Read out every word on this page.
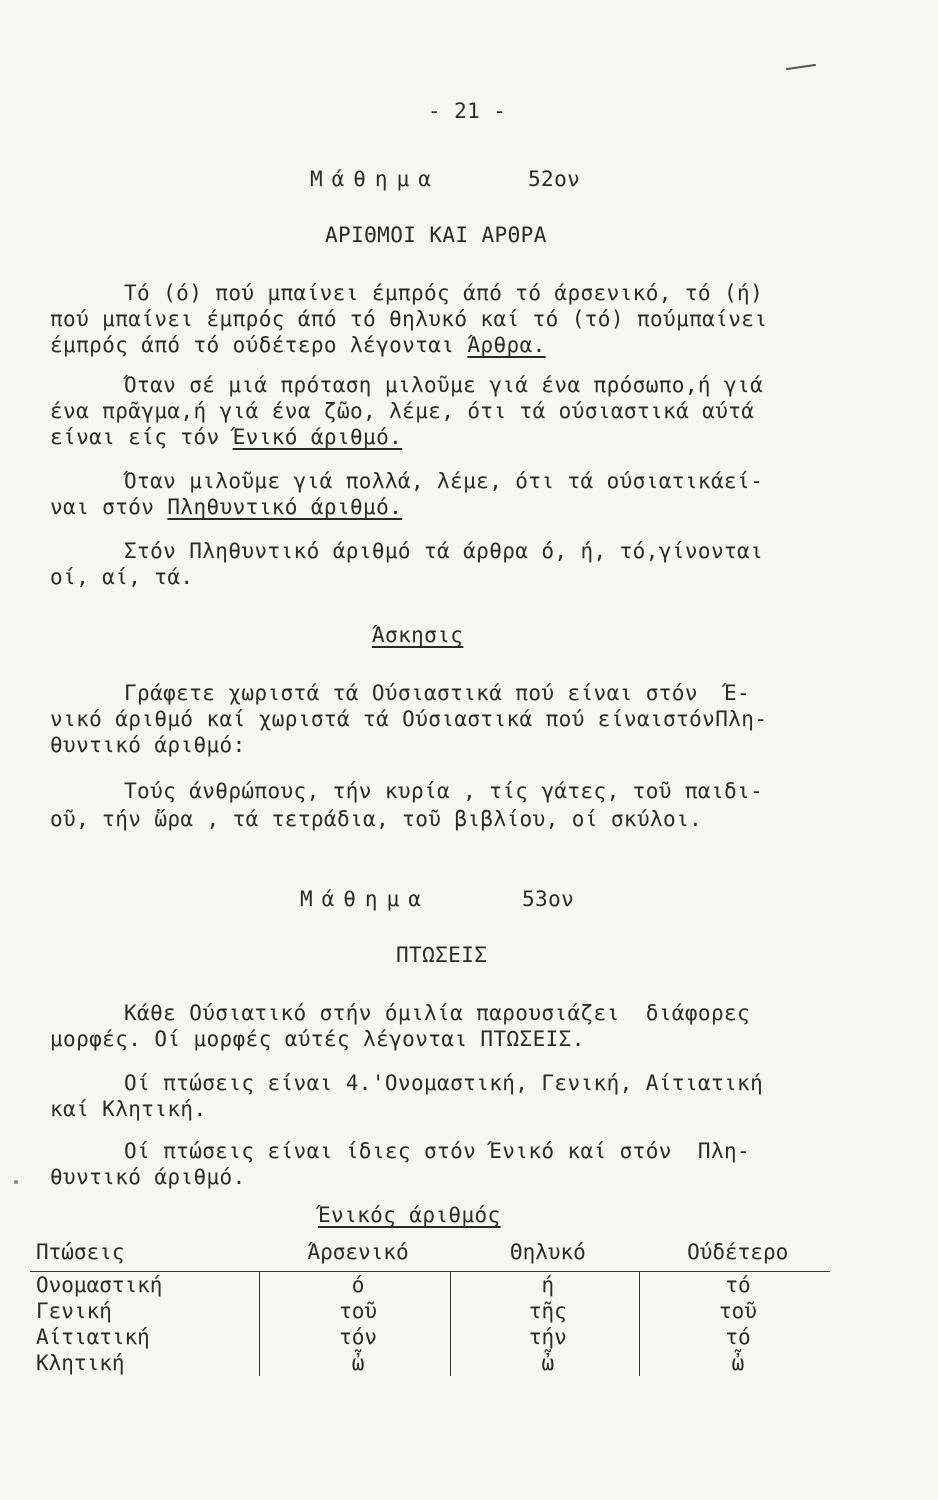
- 21 -
Μάθημα	52ον
ΑΡΙΘΜΟΙ ΚΑΙ ΑΡΘΡΑ
Τό (ό) πού μπαίνει έμπρός άπό τό άρσενικό, τό (ή)
πού μπαίνει έμπρός άπό τό θηλυκό καί τό (τό) πούμπαίνει
έμπρός άπό τό ούδέτερο λέγονται Άρθρα.
Όταν σέ μιά πρόταση μιλοῦμε γιά ένα πρόσωπο,ή γιά
ένα πρᾶγμα,ή γιά ένα ζῶο, λέμε, ότι τά ούσιαστικά αύτά
είναι είς τόν Ένικό άριθμό.
Όταν μιλοῦμε γιά πολλά, λέμε, ότι τά ούσιατικάεί-
ναι στόν Πληθυντικό άριθμό.
Στόν Πληθυντικό άριθμό τά άρθρα ό, ή, τό,γίνονται
οί, αί, τά.
Άσκησις
Γράφετε χωριστά τά Ούσιαστικά πού είναι στόν  Έ-
νικό άριθμό καί χωριστά τά Ούσιαστικά πού είναιστόνΠλη-
θυντικό άριθμό:
Τούς άνθρώπους, τήν κυρία , τίς γάτες, τοῦ παιδι-
οῦ, τήν ὥρα , τά τετράδια, τοῦ βιβλίου, οί σκύλοι.
Μάθημα	53ον
ΠΤΩΣΕΙΣ
Κάθε Ούσιατικό στήν όμιλία παρουσιάζει  διάφορες
μορφές. Οί μορφές αύτές λέγονται ΠΤΩΣΕΙΣ.
Οί πτώσεις είναι 4.'Ονομαστική, Γενική, Αίτιατική
καί Κλητική.
Οί πτώσεις είναι ίδιες στόν Ένικό καί στόν  Πλη-
θυντικό άριθμό.
Ένικός άριθμός
Πτώσεις	Άρσενικό	Θηλυκό	Ούδέτερο
Ονομαστική	ό	ή	τό
Γενική	τοῦ	τῆς	τοῦ
Αίτιατική	τόν	τήν	τό
Κλητική	ὦ	ὦ	ὦ
